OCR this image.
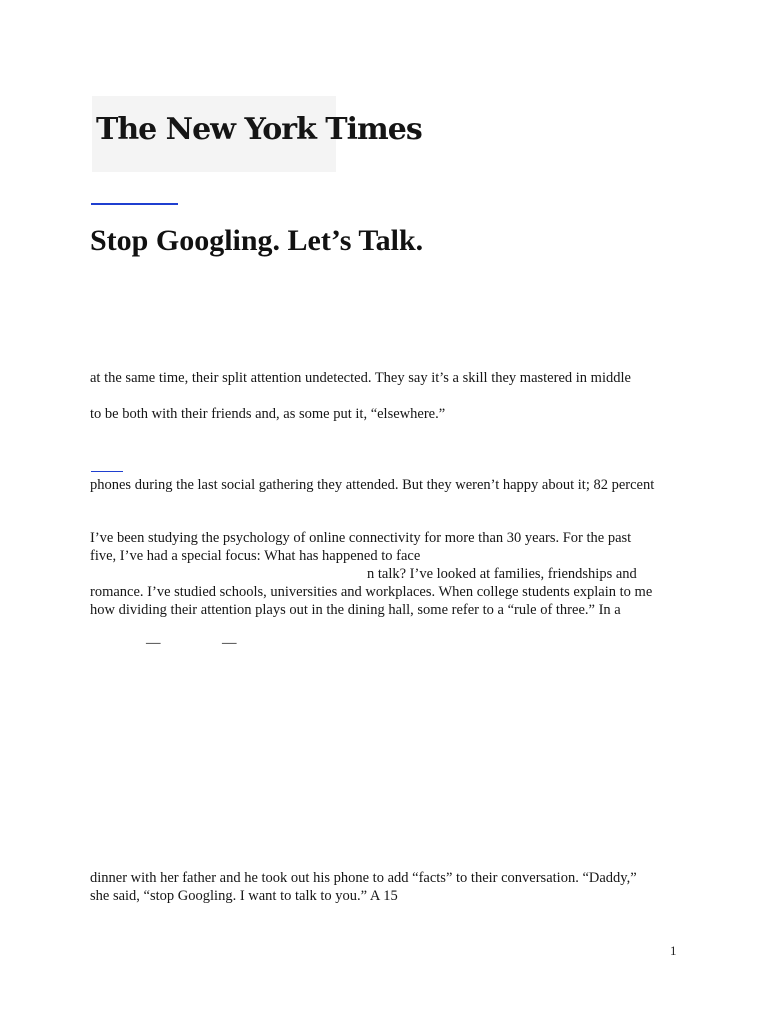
The New York Times
Stop Googling. Let’s Talk.
at the same time, their split attention undetected. They say it’s a skill they mastered in middle
to be both with their friends and, as some put it, “elsewhere.”
phones during the last social gathering they attended. But they weren’t happy about it; 82 percent
I’ve been studying the psychology of online connectivity for more than 30 years. For the past
five, I’ve had a special focus: What has happened to face
n talk? I’ve looked at families, friendships and
romance. I’ve studied schools, universities and workplaces. When college students explain to me
how dividing their attention plays out in the dining hall, some refer to a “rule of three.” In a
—	—
dinner with her father and he took out his phone to add “facts” to their conversation. “Daddy,”
she said, “stop Googling. I want to talk to you.” A 15
1
